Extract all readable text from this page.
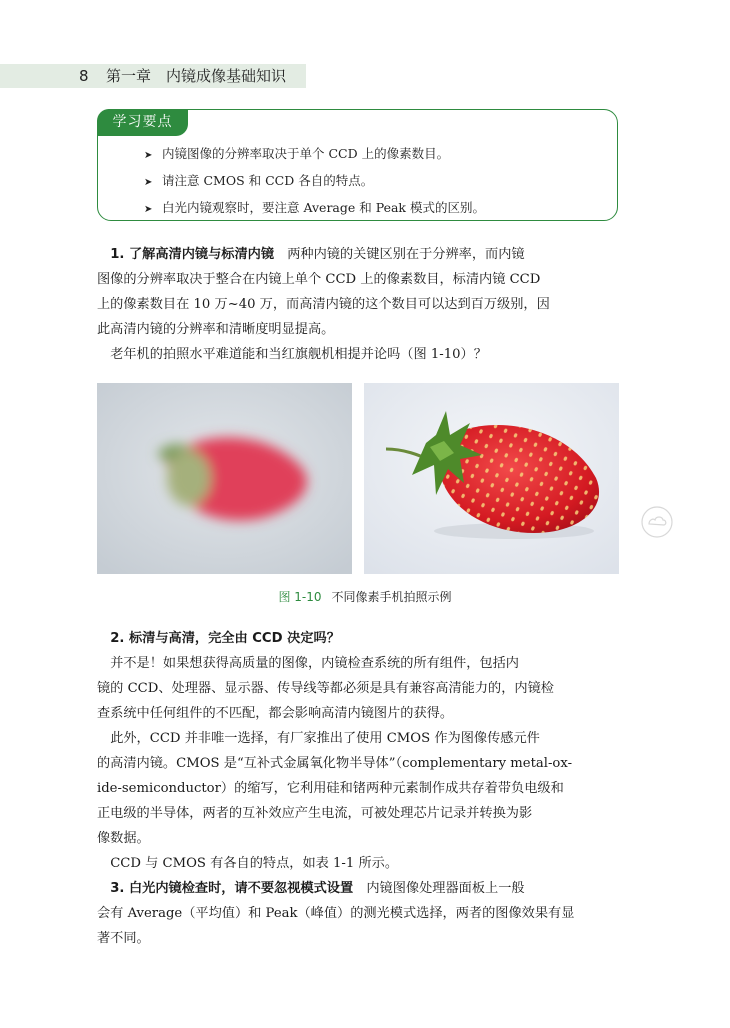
8 第一章　内镜成像基础知识
学习要点
➤ 内镜图像的分辨率取决于单个 CCD 上的像素数目。
➤ 请注意 CMOS 和 CCD 各自的特点。
➤ 白光内镜观察时，要注意 Average 和 Peak 模式的区别。

 1. 了解高清内镜与标清内镜  两种内镜的关键区别在于分辨率，而内镜

图像的分辨率取决于整合在内镜上单个 CCD 上的像素数目，标清内镜 CCD

上的像素数目在 10 万~40 万，而高清内镜的这个数目可以达到百万级别，因

此高清内镜的分辨率和清晰度明显提高。

 老年机的拍照水平难道能和当红旗舰机相提并论吗（图 1-10）？

图 1-10 不同像素手机拍照示例

 2. 标清与高清，完全由 CCD 决定吗？

 并不是！如果想获得高质量的图像，内镜检查系统的所有组件，包括内

镜的 CCD、处理器、显示器、传导线等都必须是具有兼容高清能力的，内镜检

查系统中任何组件的不匹配，都会影响高清内镜图片的获得。

 此外，CCD 并非唯一选择，有厂家推出了使用 CMOS 作为图像传感元件

的高清内镜。CMOS 是“互补式金属氧化物半导体”（complementary metal-ox-

ide-semiconductor）的缩写，它利用硅和锗两种元素制作成共存着带负电级和

正电级的半导体，两者的互补效应产生电流，可被处理芯片记录并转换为影

像数据。

 CCD 与 CMOS 有各自的特点，如表 1-1 所示。

 3. 白光内镜检查时，请不要忽视模式设置  内镜图像处理器面板上一般

会有 Average（平均值）和 Peak（峰值）的测光模式选择，两者的图像效果有显

著不同。
